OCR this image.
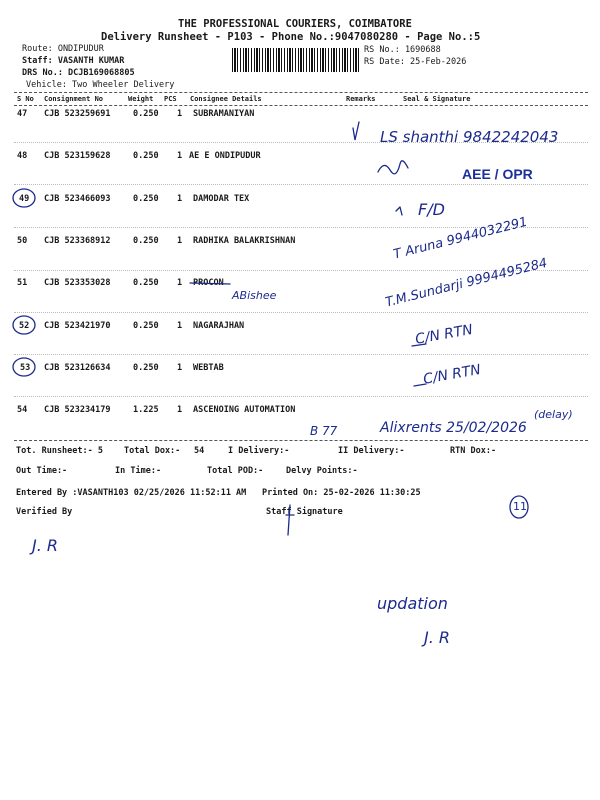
THE PROFESSIONAL COURIERS, COIMBATORE
Delivery Runsheet - P103 - Phone No.:9047080280 - Page No.:5
Route: ONDIPUDUR
Staff: VASANTH KUMAR
DRS No.: DCJB169068805
Vehicle: Two Wheeler Delivery
RS No.: 1690688
RS Date: 25-Feb-2026
S No Consignment No	Weight PCS Consignee Details	Remarks	Seal & Signature
47 CJB 523259691	0.250 1 SUBRAMANIYAN
48 CJB 523159628	0.250 1 AE E ONDIPUDUR
49 CJB 523466093	0.250 1 DAMODAR TEX
50 CJB 523368912	0.250 1 RADHIKA BALAKRISHNAN
51 CJB 523353028	0.250 1 PROCON
52 CJB 523421970	0.250 1 NAGARAJHAN
53 CJB 523126634	0.250 1 WEBTAB
54 CJB 523234179	1.225 1 ASCENOING AUTOMATION
Tot. Runsheet:- 5 Total Dox:- 54	I Delivery:-	II Delivery:-	RTN Dox:-
Out Time:-	In Time:-	Total POD:-	Delvy Points:-
Entered By :VASANTH103 02/25/2026 11:52:11 AM Printed On: 25-02-2026 11:30:25
Verified By	Staff Signature
LS shanthi 9842242043
AEE / OPR
F/D
T Aruna 9944032291
ABishee	T.M.Sundarji 9994495284
C/N RTN
C/N RTN
B 77	Alixrents 25/02/2026
(delay)
J. R
updation
J. R
11
